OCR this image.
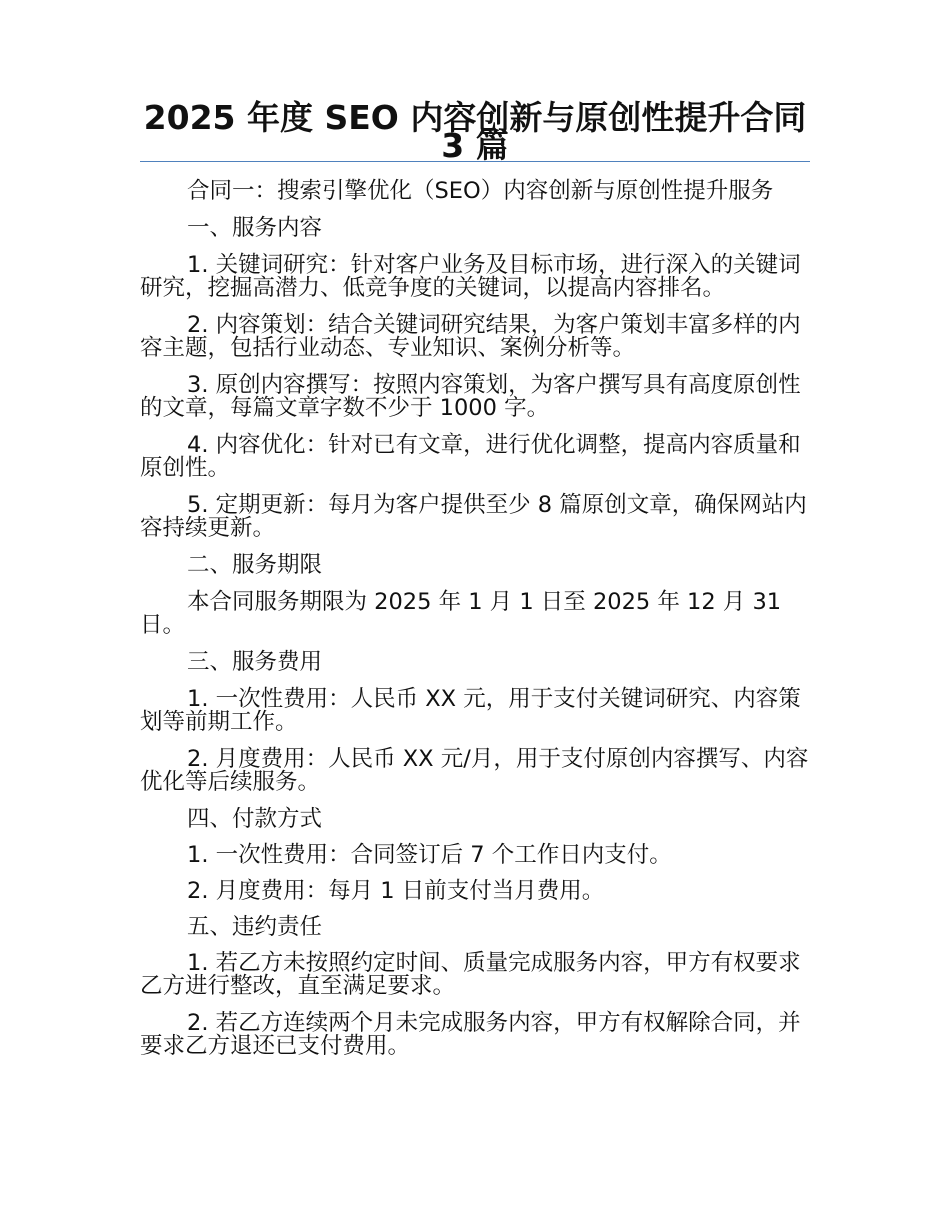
2025 年度 SEO 内容创新与原创性提升合同 3 篇

合同一：搜索引擎优化（SEO）内容创新与原创性提升服务

一、服务内容

1. 关键词研究：针对客户业务及目标市场，进行深入的关键词研究，挖掘高潜力、低竞争度的关键词，以提高内容排名。

2. 内容策划：结合关键词研究结果，为客户策划丰富多样的内容主题，包括行业动态、专业知识、案例分析等。

3. 原创内容撰写：按照内容策划，为客户撰写具有高度原创性的文章，每篇文章字数不少于 1000 字。

4. 内容优化：针对已有文章，进行优化调整，提高内容质量和原创性。

5. 定期更新：每月为客户提供至少 8 篇原创文章，确保网站内容持续更新。

二、服务期限

本合同服务期限为 2025 年 1 月 1 日至 2025 年 12 月 31 日。

三、服务费用

1. 一次性费用：人民币 XX 元，用于支付关键词研究、内容策划等前期工作。

2. 月度费用：人民币 XX 元/月，用于支付原创内容撰写、内容优化等后续服务。

四、付款方式

1. 一次性费用：合同签订后 7 个工作日内支付。

2. 月度费用：每月 1 日前支付当月费用。

五、违约责任

1. 若乙方未按照约定时间、质量完成服务内容，甲方有权要求乙方进行整改，直至满足要求。

2. 若乙方连续两个月未完成服务内容，甲方有权解除合同，并要求乙方退还已支付费用。
